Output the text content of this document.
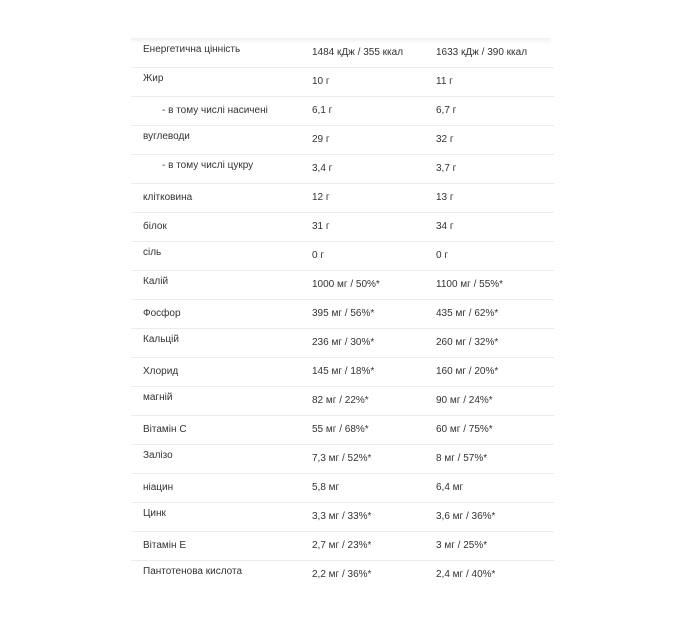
Енергетична цінність	1484 кДж / 355 ккал	1633 кДж / 390 ккал
Жир	10 г	11 г
- в тому числі насичені	6,1 г	6,7 г
вуглеводи	29 г	32 г
- в тому числі цукру	3,4 г	3,7 г
клітковина	12 г	13 г
білок	31 г	34 г
сіль	0 г	0 г
Калій	1000 мг / 50%*	1100 мг / 55%*
Фосфор	395 мг / 56%*	435 мг / 62%*
Кальцій	236 мг / 30%*	260 мг / 32%*
Хлорид	145 мг / 18%*	160 мг / 20%*
магній	82 мг / 22%*	90 мг / 24%*
Вітамін C	55 мг / 68%*	60 мг / 75%*
Залізо	7,3 мг / 52%*	8 мг / 57%*
ніацин	5,8 мг	6,4 мг
Цинк	3,3 мг / 33%*	3,6 мг / 36%*
Вітамін Е	2,7 мг / 23%*	3 мг / 25%*
Пантотенова кислота	2,2 мг / 36%*	2,4 мг / 40%*
